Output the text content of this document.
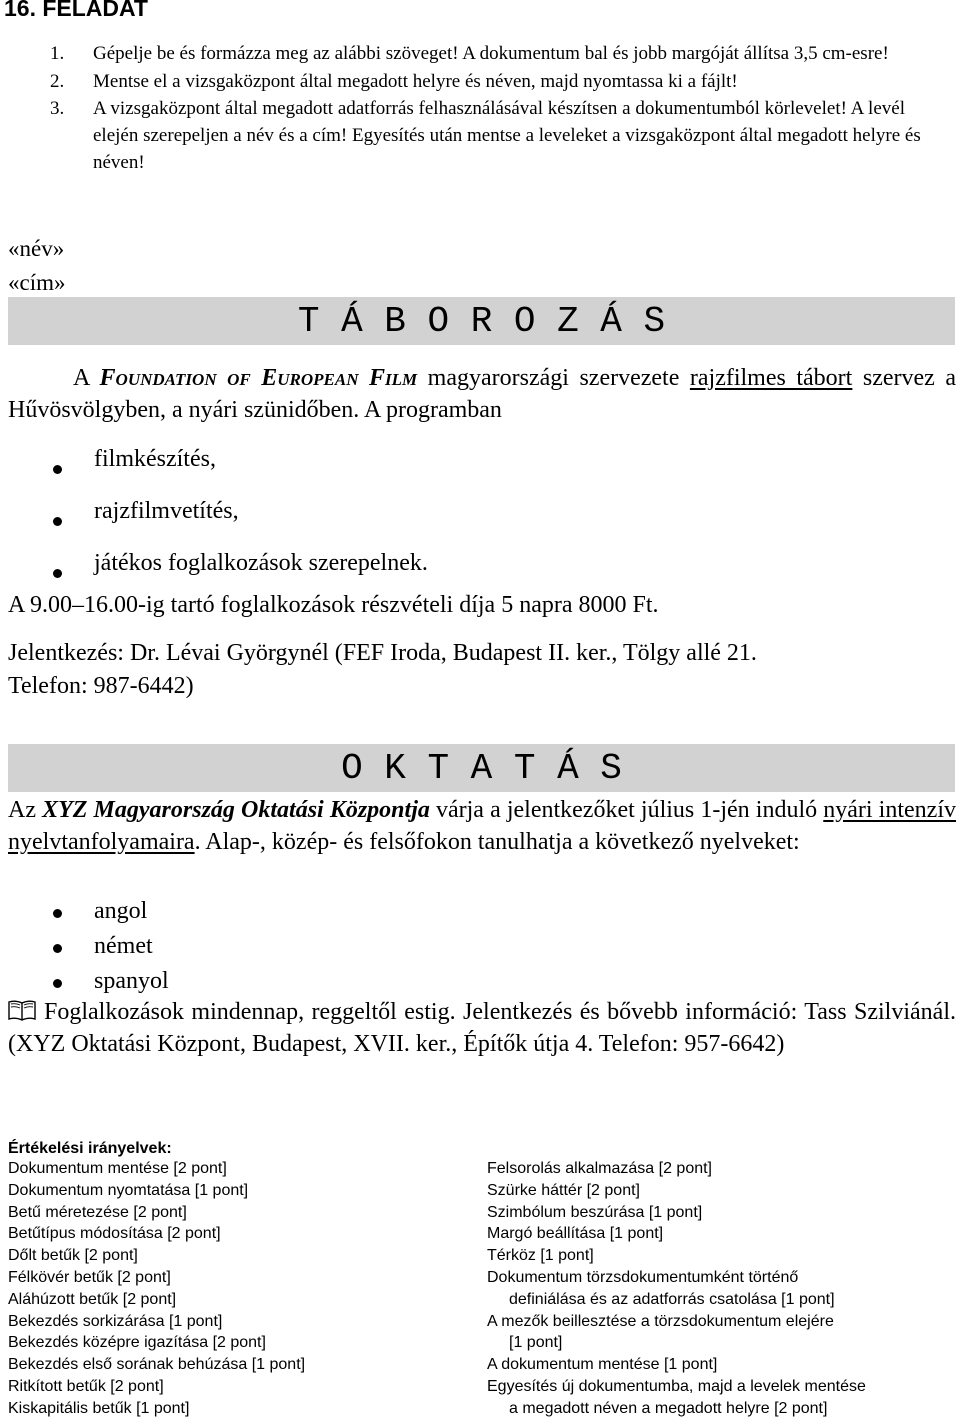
16. FELADAT
1. Gépelje be és formázza meg az alábbi szöveget! A dokumentum bal és jobb margóját állítsa 3,5 cm-esre!
2. Mentse el a vizsgaközpont által megadott helyre és néven, majd nyomtassa ki a fájlt!
3. A vizsgaközpont által megadott adatforrás felhasználásával készítsen a dokumentumból körlevelet! A levél elején szerepeljen a név és a cím! Egyesítés után mentse a leveleket a vizsgaközpont által megadott helyre és néven!
«név»
«cím»
T Á B O R O Z Á S
A Foundation of European Film magyarországi szervezete rajzfilmes tábort szervez a Hűvösvölgyben, a nyári szünidőben. A programban
filmkészítés,
rajzfilmvetítés,
játékos foglalkozások szerepelnek.
A 9.00–16.00-ig tartó foglalkozások részvételi díja 5 napra 8000 Ft.
Jelentkezés: Dr. Lévai Györgynél (FEF Iroda, Budapest II. ker., Tölgy allé 21.
Telefon: 987-6442)
O K T A T Á S
Az XYZ Magyarország Oktatási Központja várja a jelentkezőket július 1-jén induló nyári intenzív nyelvtanfolyamaira. Alap-, közép- és felsőfokon tanulhatja a következő nyelveket:
angol
német
spanyol
Foglalkozások mindennap, reggeltől estig. Jelentkezés és bővebb információ: Tass Szilviánál. (XYZ Oktatási Központ, Budapest, XVII. ker., Építők útja 4. Telefon: 957-6642)
Értékelési irányelvek:
Dokumentum mentése [2 pont]
Dokumentum nyomtatása [1 pont]
Betű méretezése [2 pont]
Betűtípus módosítása [2 pont]
Dőlt betűk [2 pont]
Félkövér betűk [2 pont]
Aláhúzott betűk [2 pont]
Bekezdés sorkizárása [1 pont]
Bekezdés középre igazítása [2 pont]
Bekezdés első sorának behúzása [1 pont]
Ritkított betűk [2 pont]
Kiskapitális betűk [1 pont]
Felsorolás alkalmazása [2 pont]
Szürke háttér [2 pont]
Szimbólum beszúrása [1 pont]
Margó beállítása [1 pont]
Térköz [1 pont]
Dokumentum törzsdokumentumként történő
definiálása és az adatforrás csatolása [1 pont]
A mezők beillesztése a törzsdokumentum elejére
[1 pont]
A dokumentum mentése [1 pont]
Egyesítés új dokumentumba, majd a levelek mentése
a megadott néven a megadott helyre [2 pont]
